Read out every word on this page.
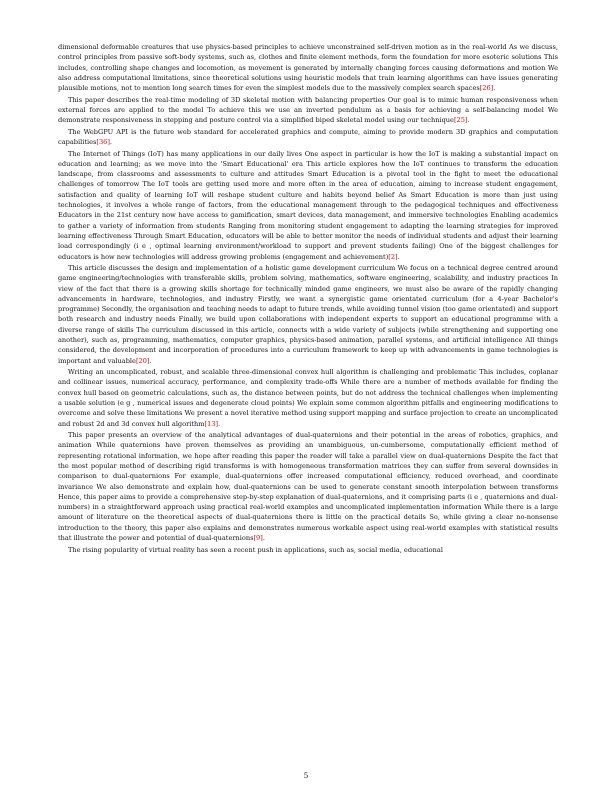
dimensional deformable creatures that use physics-based principles to achieve unconstrained self-driven motion as in the real-world As we discuss, control principles from passive soft-body systems, such as, clothes and finite element methods, form the foundation for more esoteric solutions This includes, controlling shape changes and locomotion, as movement is generated by internally changing forces causing deformations and motion We also address computational limitations, since theoretical solutions using heuristic models that train learning algorithms can have issues generating plausible motions, not to mention long search times for even the simplest models due to the massively complex search spaces[26].

This paper describes the real-time modeling of 3D skeletal motion with balancing properties Our goal is to mimic human responsiveness when external forces are applied to the model To achieve this we use an inverted pendulum as a basis for achieving a self-balancing model We demonstrate responsiveness in stepping and posture control via a simplified biped skeletal model using our technique[25].

The WebGPU API is the future web standard for accelerated graphics and compute, aiming to provide modern 3D graphics and computation capabilities[36].

The Internet of Things (IoT) has many applications in our daily lives One aspect in particular is how the IoT is making a substantial impact on education and learning; as we move into the 'Smart Educational' era This article explores how the IoT continues to transform the education landscape, from classrooms and assessments to culture and attitudes Smart Education is a pivotal tool in the fight to meet the educational challenges of tomorrow The IoT tools are getting used more and more often in the area of education, aiming to increase student engagement, satisfaction and quality of learning IoT will reshape student culture and habits beyond belief As Smart Education is more than just using technologies, it involves a whole range of factors, from the educational management through to the pedagogical techniques and effectiveness Educators in the 21st century now have access to gamification, smart devices, data management, and immersive technologies Enabling academics to gather a variety of information from students Ranging from monitoring student engagement to adapting the learning strategies for improved learning effectiveness Through Smart Education, educators will be able to better monitor the needs of individual students and adjust their learning load correspondingly (i e , optimal learning environment/workload to support and prevent students failing) One of the biggest challenges for educators is how new technologies will address growing problems (engagement and achievement)[2].

This article discusses the design and implementation of a holistic game development curriculum We focus on a technical degree centred around game engineering/technologies with transferable skills, problem solving, mathematics, software engineering, scalability, and industry practices In view of the fact that there is a growing skills shortage for technically minded game engineers, we must also be aware of the rapidly changing advancements in hardware, technologies, and industry Firstly, we want a synergistic game orientated curriculum (for a 4-year Bachelor's programme) Secondly, the organisation and teaching needs to adapt to future trends, while avoiding tunnel vision (too game orientated) and support both research and industry needs Finally, we build upon collaborations with independent experts to support an educational programme with a diverse range of skills The curriculum discussed in this article, connects with a wide variety of subjects (while strengthening and supporting one another), such as, programming, mathematics, computer graphics, physics-based animation, parallel systems, and artificial intelligence All things considered, the development and incorporation of procedures into a curriculum framework to keep up with advancements in game technologies is important and valuable[20].

Writing an uncomplicated, robust, and scalable three-dimensional convex hull algorithm is challenging and problematic This includes, coplanar and collinear issues, numerical accuracy, performance, and complexity trade-offs While there are a number of methods available for finding the convex hull based on geometric calculations, such as, the distance between points, but do not address the technical challenges when implementing a usable solution (e g , numerical issues and degenerate cloud points) We explain some common algorithm pitfalls and engineering modifications to overcome and solve these limitations We present a novel iterative method using support mapping and surface projection to create an uncomplicated and robust 2d and 3d convex hull algorithm[13].

This paper presents an overview of the analytical advantages of dual-quaternions and their potential in the areas of robotics, graphics, and animation While quaternions have proven themselves as providing an unambiguous, un-cumbersome, computationally efficient method of representing rotational information, we hope after reading this paper the reader will take a parallel view on dual-quaternions Despite the fact that the most popular method of describing rigid transforms is with homogeneous transformation matrices they can suffer from several downsides in comparison to dual-quaternions For example, dual-quaternions offer increased computational efficiency, reduced overhead, and coordinate invariance We also demonstrate and explain how, dual-quaternions can be used to generate constant smooth interpolation between transforms Hence, this paper aims to provide a comprehensive step-by-step explanation of dual-quaternions, and it comprising parts (i e , quaternions and dual-numbers) in a straightforward approach using practical real-world examples and uncomplicated implementation information While there is a large amount of literature on the theoretical aspects of dual-quaternions there is little on the practical details So, while giving a clear no-nonsense introduction to the theory, this paper also explains and demonstrates numerous workable aspect using real-world examples with statistical results that illustrate the power and potential of dual-quaternions[9].

The rising popularity of virtual reality has seen a recent push in applications, such as, social media, educational

5
